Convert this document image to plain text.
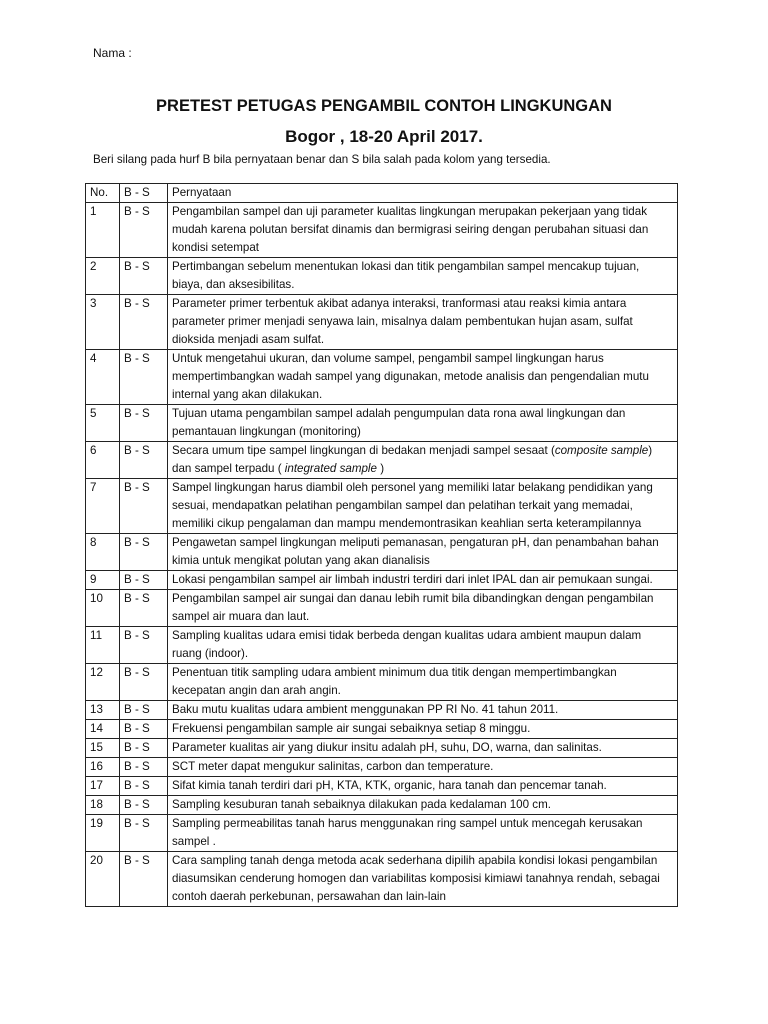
Nama :
PRETEST PETUGAS PENGAMBIL CONTOH LINGKUNGAN
Bogor , 18-20 April 2017.
Beri silang pada hurf B bila pernyataan benar dan S bila salah pada kolom yang tersedia.
No.	B - S	Pernyataan
1	B - S	Pengambilan sampel dan uji parameter kualitas lingkungan merupakan pekerjaan yang tidak mudah karena polutan bersifat dinamis dan bermigrasi seiring dengan perubahan situasi dan kondisi setempat
2	B - S	Pertimbangan sebelum menentukan lokasi dan titik pengambilan sampel mencakup tujuan, biaya, dan aksesibilitas.
3	B - S	Parameter primer terbentuk akibat adanya interaksi, tranformasi atau reaksi kimia antara parameter primer menjadi senyawa lain, misalnya dalam pembentukan hujan asam, sulfat dioksida menjadi asam sulfat.
4	B - S	Untuk mengetahui ukuran, dan volume sampel, pengambil sampel lingkungan harus mempertimbangkan wadah sampel yang digunakan, metode analisis dan pengendalian mutu internal yang akan dilakukan.
5	B - S	Tujuan utama pengambilan sampel adalah pengumpulan data rona awal lingkungan dan pemantauan lingkungan (monitoring)
6	B - S	Secara umum tipe sampel lingkungan di bedakan menjadi sampel sesaat (composite sample) dan sampel terpadu ( integrated sample )
7	B - S	Sampel lingkungan harus diambil oleh personel yang memiliki latar belakang pendidikan yang sesuai, mendapatkan pelatihan pengambilan sampel dan pelatihan terkait yang memadai, memiliki cikup pengalaman dan mampu mendemontrasikan keahlian serta keterampilannya
8	B - S	Pengawetan sampel lingkungan meliputi pemanasan, pengaturan pH, dan penambahan bahan kimia untuk mengikat polutan yang akan dianalisis
9	B - S	Lokasi pengambilan sampel air limbah industri terdiri dari inlet IPAL dan air pemukaan sungai.
10	B - S	Pengambilan sampel air sungai dan danau lebih rumit bila dibandingkan dengan pengambilan sampel air muara dan laut.
11	B - S	Sampling kualitas udara emisi tidak berbeda dengan kualitas udara ambient maupun dalam ruang (indoor).
12	B - S	Penentuan titik sampling udara ambient minimum dua titik dengan mempertimbangkan kecepatan angin dan arah angin.
13	B - S	Baku mutu kualitas udara ambient menggunakan PP RI No. 41 tahun 2011.
14	B - S	Frekuensi pengambilan sample air sungai sebaiknya setiap 8 minggu.
15	B - S	Parameter kualitas air yang diukur insitu adalah pH, suhu, DO, warna, dan salinitas.
16	B - S	SCT meter dapat mengukur salinitas, carbon dan temperature.
17	B - S	Sifat kimia tanah terdiri dari pH, KTA, KTK, organic, hara tanah dan pencemar tanah.
18	B - S	Sampling kesuburan tanah sebaiknya dilakukan pada kedalaman 100 cm.
19	B - S	Sampling permeabilitas tanah harus menggunakan ring sampel untuk mencegah kerusakan sampel .
20	B - S	Cara sampling tanah denga metoda acak sederhana dipilih apabila kondisi lokasi pengambilan diasumsikan cenderung homogen dan variabilitas komposisi kimiawi tanahnya rendah, sebagai contoh daerah perkebunan, persawahan dan lain-lain
